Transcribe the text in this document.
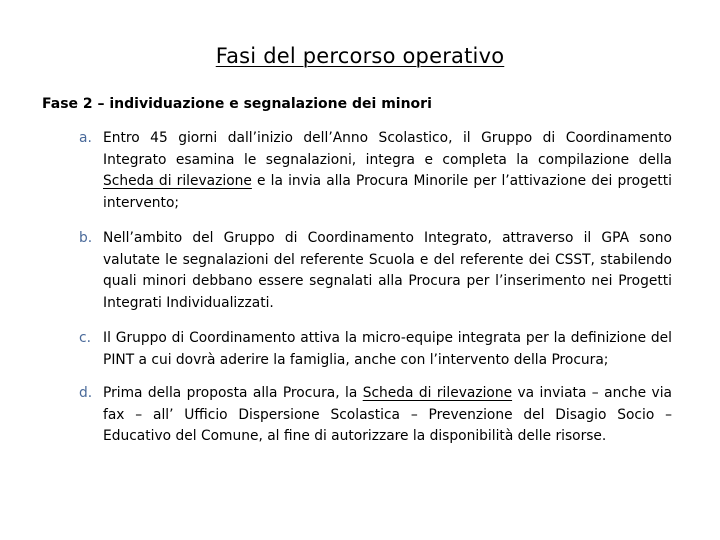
Fasi del percorso operativo

Fase 2 – individuazione e segnalazione dei minori

a. Entro 45 giorni dall’inizio dell’Anno Scolastico, il Gruppo di Coordinamento Integrato esamina le segnalazioni, integra e completa la compilazione della Scheda di rilevazione e la invia alla Procura Minorile per l’attivazione dei progetti intervento;
b. Nell’ambito del Gruppo di Coordinamento Integrato, attraverso il GPA sono valutate le segnalazioni del referente Scuola e del referente dei CSST, stabilendo quali minori debbano essere segnalati alla Procura per l’inserimento nei Progetti Integrati Individualizzati.
c. Il Gruppo di Coordinamento attiva la micro-equipe integrata per la definizione del PINT a cui dovrà aderire la famiglia, anche con l’intervento della Procura;
d. Prima della proposta alla Procura, la Scheda di rilevazione va inviata – anche via fax – all’ Ufficio Dispersione Scolastica – Prevenzione del Disagio Socio – Educativo del Comune, al fine di autorizzare la disponibilità delle risorse.
